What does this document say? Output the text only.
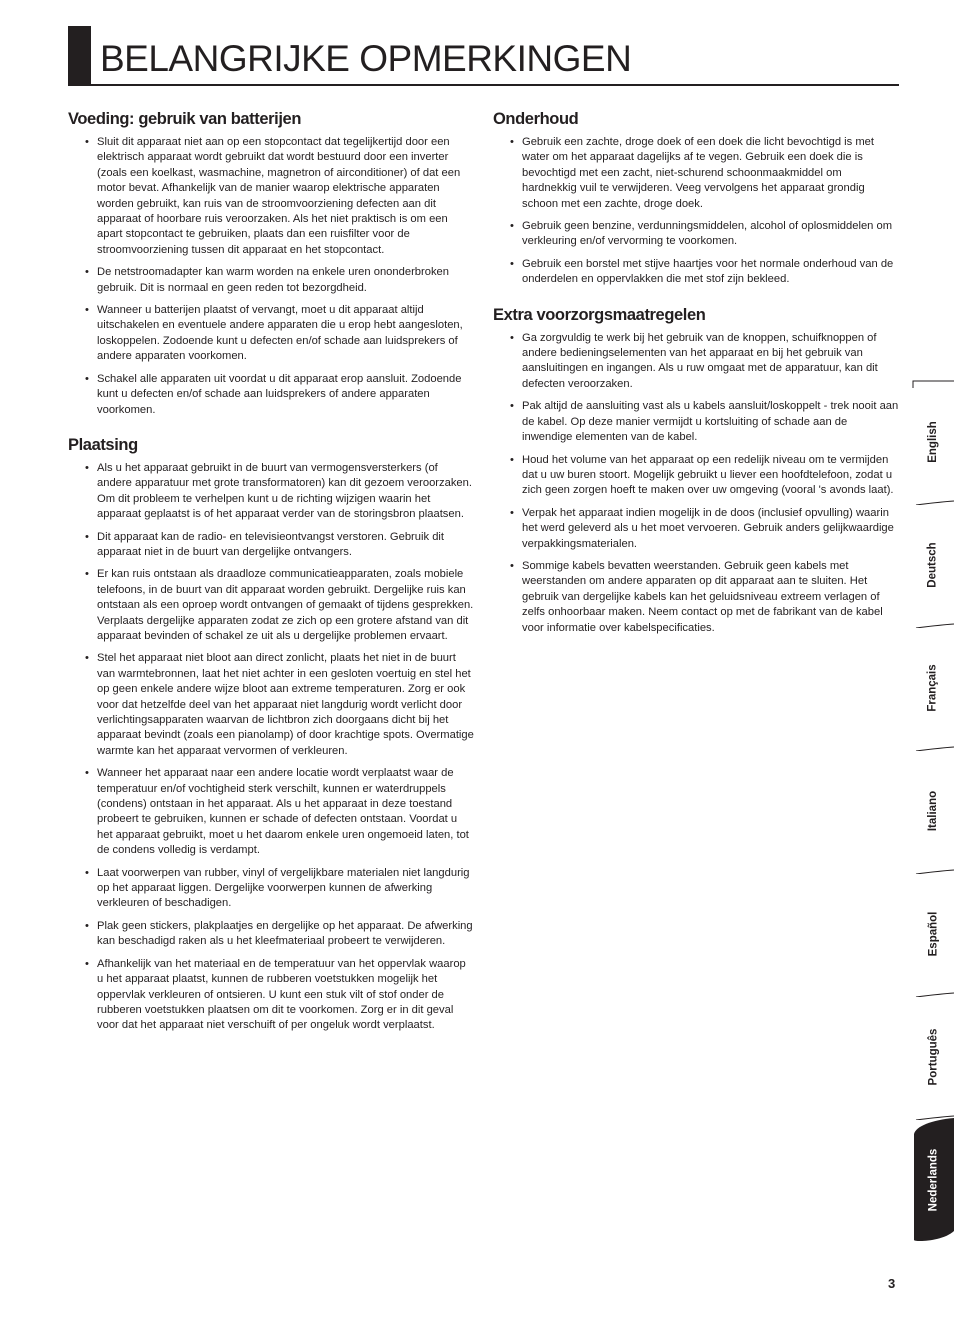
BELANGRIJKE OPMERKINGEN
Voeding: gebruik van batterijen
• Sluit dit apparaat niet aan op een stopcontact dat tegelijkertijd door een elektrisch apparaat wordt gebruikt dat wordt bestuurd door een inverter (zoals een koelkast, wasmachine, magnetron of airconditioner) of dat een motor bevat. Afhankelijk van de manier waarop elektrische apparaten worden gebruikt, kan ruis van de stroomvoorziening defecten aan dit apparaat of hoorbare ruis veroorzaken. Als het niet praktisch is om een apart stopcontact te gebruiken, plaats dan een ruisfilter voor de stroomvoorziening tussen dit apparaat en het stopcontact.
• De netstroomadapter kan warm worden na enkele uren ononderbroken gebruik. Dit is normaal en geen reden tot bezorgdheid.
• Wanneer u batterijen plaatst of vervangt, moet u dit apparaat altijd uitschakelen en eventuele andere apparaten die u erop hebt aangesloten, loskoppelen. Zodoende kunt u defecten en/of schade aan luidsprekers of andere apparaten voorkomen.
• Schakel alle apparaten uit voordat u dit apparaat erop aansluit. Zodoende kunt u defecten en/of schade aan luidsprekers of andere apparaten voorkomen.
Plaatsing
• Als u het apparaat gebruikt in de buurt van vermogensversterkers (of andere apparatuur met grote transformatoren) kan dit gezoem veroorzaken. Om dit probleem te verhelpen kunt u de richting wijzigen waarin het apparaat geplaatst is of het apparaat verder van de storingsbron plaatsen.
• Dit apparaat kan de radio- en televisieontvangst verstoren. Gebruik dit apparaat niet in de buurt van dergelijke ontvangers.
• Er kan ruis ontstaan als draadloze communicatieapparaten, zoals mobiele telefoons, in de buurt van dit apparaat worden gebruikt. Dergelijke ruis kan ontstaan als een oproep wordt ontvangen of gemaakt of tijdens gesprekken. Verplaats dergelijke apparaten zodat ze zich op een grotere afstand van dit apparaat bevinden of schakel ze uit als u dergelijke problemen ervaart.
• Stel het apparaat niet bloot aan direct zonlicht, plaats het niet in de buurt van warmtebronnen, laat het niet achter in een gesloten voertuig en stel het op geen enkele andere wijze bloot aan extreme temperaturen. Zorg er ook voor dat hetzelfde deel van het apparaat niet langdurig wordt verlicht door verlichtingsapparaten waarvan de lichtbron zich doorgaans dicht bij het apparaat bevindt (zoals een pianolamp) of door krachtige spots. Overmatige warmte kan het apparaat vervormen of verkleuren.
• Wanneer het apparaat naar een andere locatie wordt verplaatst waar de temperatuur en/of vochtigheid sterk verschilt, kunnen er waterdruppels (condens) ontstaan in het apparaat. Als u het apparaat in deze toestand probeert te gebruiken, kunnen er schade of defecten ontstaan. Voordat u het apparaat gebruikt, moet u het daarom enkele uren ongemoeid laten, tot de condens volledig is verdampt.
• Laat voorwerpen van rubber, vinyl of vergelijkbare materialen niet langdurig op het apparaat liggen. Dergelijke voorwerpen kunnen de afwerking verkleuren of beschadigen.
• Plak geen stickers, plakplaatjes en dergelijke op het apparaat. De afwerking kan beschadigd raken als u het kleefmateriaal probeert te verwijderen.
• Afhankelijk van het materiaal en de temperatuur van het oppervlak waarop u het apparaat plaatst, kunnen de rubberen voetstukken mogelijk het oppervlak verkleuren of ontsieren. U kunt een stuk vilt of stof onder de rubberen voetstukken plaatsen om dit te voorkomen. Zorg er in dit geval voor dat het apparaat niet verschuift of per ongeluk wordt verplaatst.
Onderhoud
• Gebruik een zachte, droge doek of een doek die licht bevochtigd is met water om het apparaat dagelijks af te vegen. Gebruik een doek die is bevochtigd met een zacht, niet-schurend schoonmaakmiddel om hardnekkig vuil te verwijderen. Veeg vervolgens het apparaat grondig schoon met een zachte, droge doek.
• Gebruik geen benzine, verdunningsmiddelen, alcohol of oplosmiddelen om verkleuring en/of vervorming te voorkomen.
• Gebruik een borstel met stijve haartjes voor het normale onderhoud van de onderdelen en oppervlakken die met stof zijn bekleed.
Extra voorzorgsmaatregelen
• Ga zorgvuldig te werk bij het gebruik van de knoppen, schuifknoppen of andere bedieningselementen van het apparaat en bij het gebruik van aansluitingen en ingangen. Als u ruw omgaat met de apparatuur, kan dit defecten veroorzaken.
• Pak altijd de aansluiting vast als u kabels aansluit/loskoppelt - trek nooit aan de kabel. Op deze manier vermijdt u kortsluiting of schade aan de inwendige elementen van de kabel.
• Houd het volume van het apparaat op een redelijk niveau om te vermijden dat u uw buren stoort. Mogelijk gebruikt u liever een hoofdtelefoon, zodat u zich geen zorgen hoeft te maken over uw omgeving (vooral 's avonds laat).
• Verpak het apparaat indien mogelijk in de doos (inclusief opvulling) waarin het werd geleverd als u het moet vervoeren. Gebruik anders gelijkwaardige verpakkingsmaterialen.
• Sommige kabels bevatten weerstanden. Gebruik geen kabels met weerstanden om andere apparaten op dit apparaat aan te sluiten. Het gebruik van dergelijke kabels kan het geluidsniveau extreem verlagen of zelfs onhoorbaar maken. Neem contact op met de fabrikant van de kabel voor informatie over kabelspecificaties.
English
Deutsch
Français
Italiano
Español
Português
Nederlands
3
